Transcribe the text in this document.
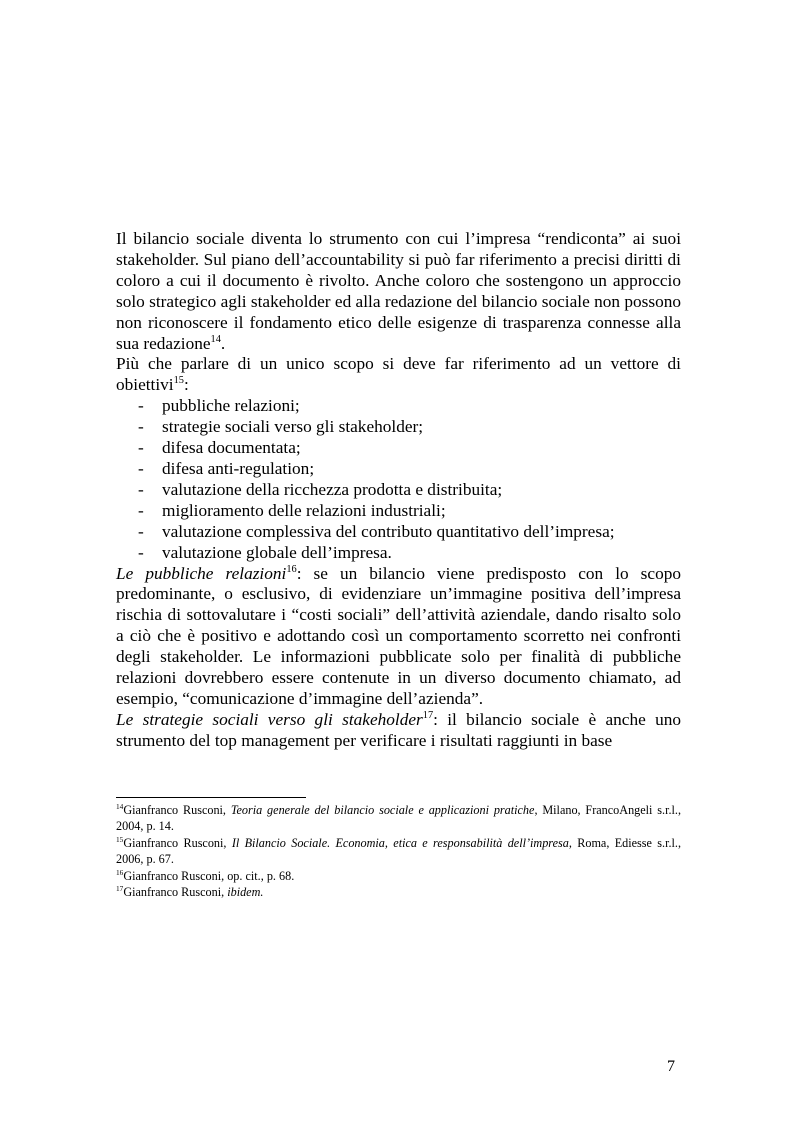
Il bilancio sociale diventa lo strumento con cui l’impresa “rendiconta” ai suoi stakeholder. Sul piano dell’accountability si può far riferimento a precisi diritti di coloro a cui il documento è rivolto. Anche coloro che sostengono un approccio solo strategico agli stakeholder ed alla redazione del bilancio sociale non possono non riconoscere il fondamento etico delle esigenze di trasparenza connesse alla sua redazione$^{14}$.

Più che parlare di un unico scopo si deve far riferimento ad un vettore di obiettivi$^{15}$:

- pubbliche relazioni;
- strategie sociali verso gli stakeholder;
- difesa documentata;
- difesa anti-regulation;
- valutazione della ricchezza prodotta e distribuita;
- miglioramento delle relazioni industriali;
- valutazione complessiva del contributo quantitativo dell’impresa;
- valutazione globale dell’impresa.

Le pubbliche relazioni$^{16}$: se un bilancio viene predisposto con lo scopo predominante, o esclusivo, di evidenziare un’immagine positiva dell’impresa rischia di sottovalutare i “costi sociali” dell’attività aziendale, dando risalto solo a ciò che è positivo e adottando così un comportamento scorretto nei confronti degli stakeholder. Le informazioni pubblicate solo per finalità di pubbliche relazioni dovrebbero essere contenute in un diverso documento chiamato, ad esempio, “comunicazione d’immagine dell’azienda”.

Le strategie sociali verso gli stakeholder$^{17}$: il bilancio sociale è anche uno strumento del top management per verificare i risultati raggiunti in base

$^{14}$Gianfranco Rusconi, Teoria generale del bilancio sociale e applicazioni pratiche, Milano, FrancoAngeli s.r.l., 2004, p. 14.

$^{15}$Gianfranco Rusconi, Il Bilancio Sociale. Economia, etica e responsabilità dell’impresa, Roma, Ediesse s.r.l., 2006, p. 67.

$^{16}$Gianfranco Rusconi, op. cit., p. 68.

$^{17}$Gianfranco Rusconi, ibidem.

7
